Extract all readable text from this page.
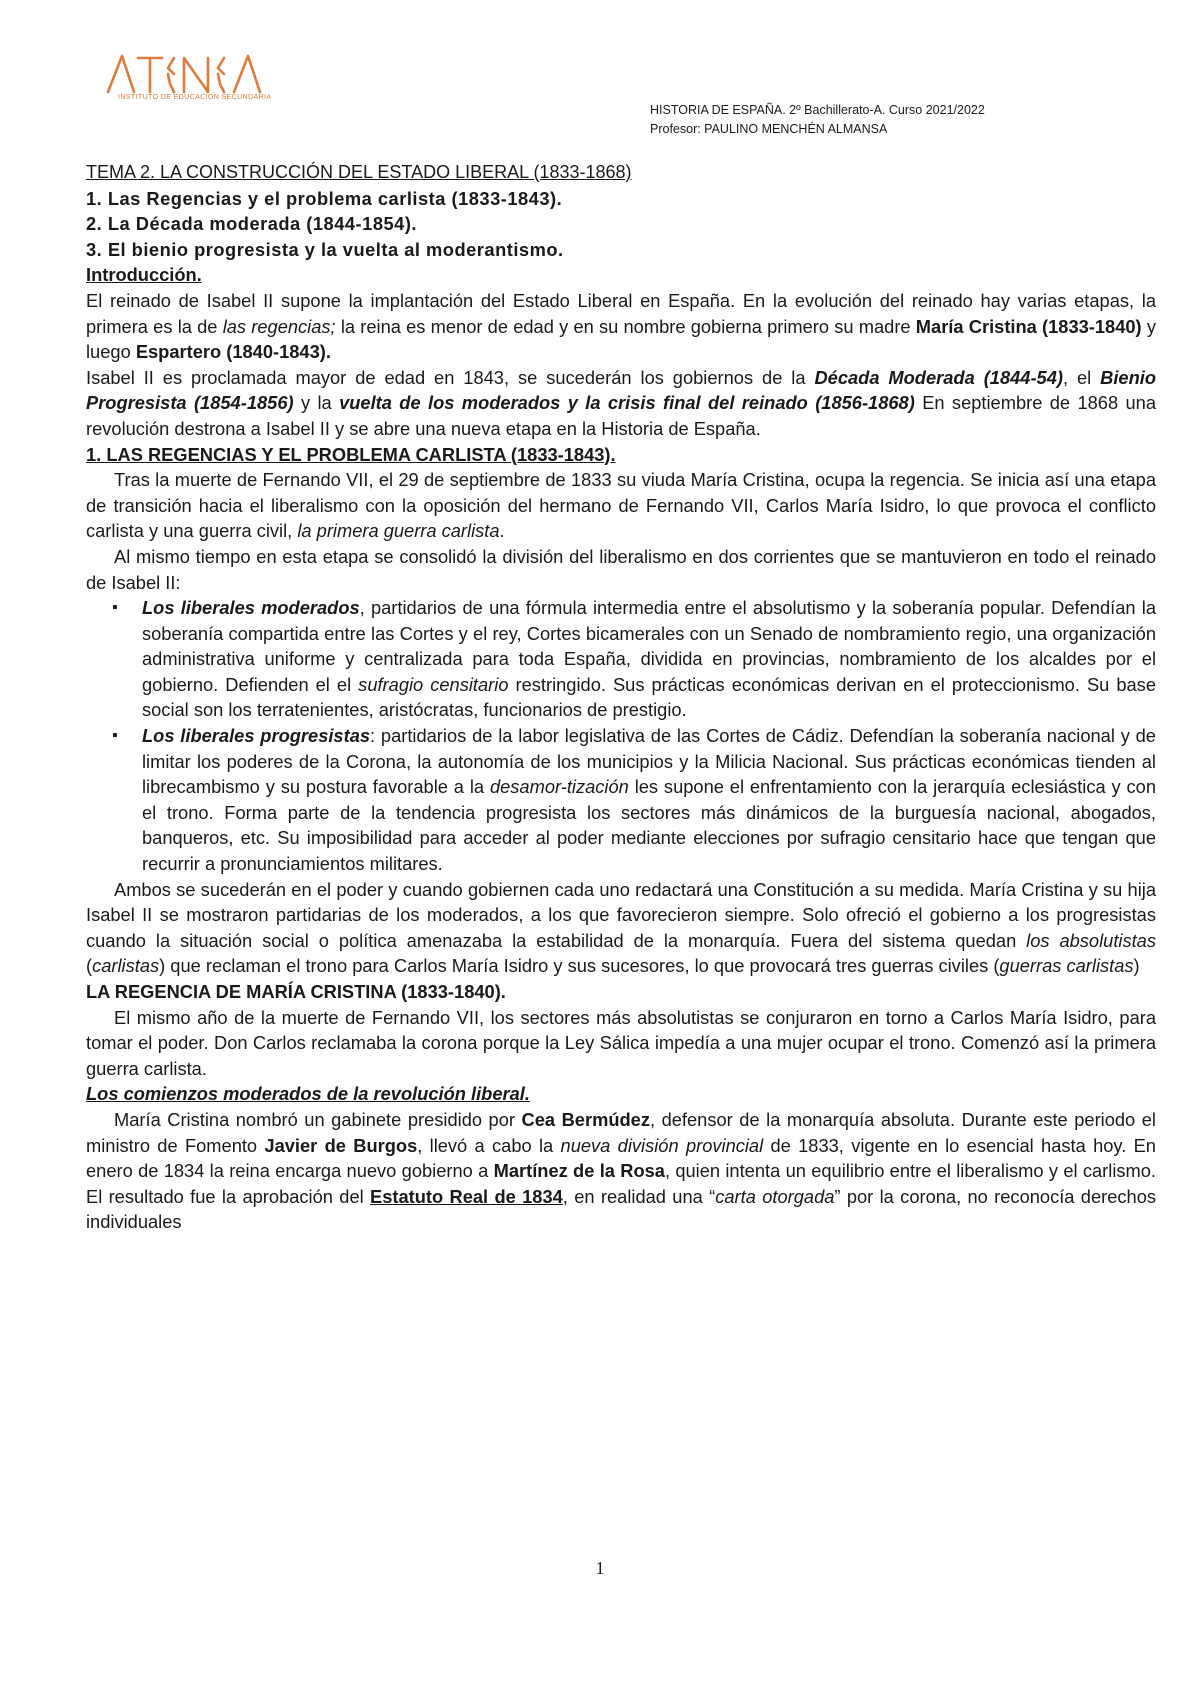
INSTITUTO DE EDUCACIÓN SECUNDARIA
HISTORIA DE ESPAÑA. 2º Bachillerato-A. Curso 2021/2022
Profesor: PAULINO MENCHÉN ALMANSA

TEMA 2. LA CONSTRUCCIÓN DEL ESTADO LIBERAL (1833-1868)

1. Las Regencias y el problema carlista (1833-1843).
2. La Década moderada (1844-1854).
3. El bienio progresista y la vuelta al moderantismo.

Introducción.

El reinado de Isabel II supone la implantación del Estado Liberal en España. En la evolución del reinado hay varias etapas, la primera es la de las regencias; la reina es menor de edad y en su nombre gobierna primero su madre María Cristina (1833-1840) y luego Espartero (1840-1843).

Isabel II es proclamada mayor de edad en 1843, se sucederán los gobiernos de la Década Moderada (1844-54), el Bienio Progresista (1854-1856) y la vuelta de los moderados y la crisis final del reinado (1856-1868) En septiembre de 1868 una revolución destrona a Isabel II y se abre una nueva etapa en la Historia de España.

1. LAS REGENCIAS Y EL PROBLEMA CARLISTA (1833-1843).

Tras la muerte de Fernando VII, el 29 de septiembre de 1833 su viuda María Cristina, ocupa la regencia. Se inicia así una etapa de transición hacia el liberalismo con la oposición del hermano de Fernando VII, Carlos María Isidro, lo que provoca el conflicto carlista y una guerra civil, la primera guerra carlista.

Al mismo tiempo en esta etapa se consolidó la división del liberalismo en dos corrientes que se mantuvieron en todo el reinado de Isabel II:

▪ Los liberales moderados, partidarios de una fórmula intermedia entre el absolutismo y la soberanía popular. Defendían la soberanía compartida entre las Cortes y el rey, Cortes bicamerales con un Senado de nombramiento regio, una organización administrativa uniforme y centralizada para toda España, dividida en provincias, nombramiento de los alcaldes por el gobierno. Defienden el el sufragio censitario restringido. Sus prácticas económicas derivan en el proteccionismo. Su base social son los terratenientes, aristócratas, funcionarios de prestigio.
▪ Los liberales progresistas: partidarios de la labor legislativa de las Cortes de Cádiz. Defendían la soberanía nacional y de limitar los poderes de la Corona, la autonomía de los municipios y la Milicia Nacional. Sus prácticas económicas tienden al librecambismo y su postura favorable a la desamor-tización les supone el enfrentamiento con la jerarquía eclesiástica y con el trono. Forma parte de la tendencia progresista los sectores más dinámicos de la burguesía nacional, abogados, banqueros, etc. Su imposibilidad para acceder al poder mediante elecciones por sufragio censitario hace que tengan que recurrir a pronunciamientos militares.

Ambos se sucederán en el poder y cuando gobiernen cada uno redactará una Constitución a su medida. María Cristina y su hija Isabel II se mostraron partidarias de los moderados, a los que favorecieron siempre. Solo ofreció el gobierno a los progresistas cuando la situación social o política amenazaba la estabilidad de la monarquía. Fuera del sistema quedan los absolutistas (carlistas) que reclaman el trono para Carlos María Isidro y sus sucesores, lo que provocará tres guerras civiles (guerras carlistas)

LA REGENCIA DE MARÍA CRISTINA (1833-1840).

El mismo año de la muerte de Fernando VII, los sectores más absolutistas se conjuraron en torno a Carlos María Isidro, para tomar el poder. Don Carlos reclamaba la corona porque la Ley Sálica impedía a una mujer ocupar el trono. Comenzó así la primera guerra carlista.

Los comienzos moderados de la revolución liberal.

María Cristina nombró un gabinete presidido por Cea Bermúdez, defensor de la monarquía absoluta. Durante este periodo el ministro de Fomento Javier de Burgos, llevó a cabo la nueva división provincial de 1833, vigente en lo esencial hasta hoy. En enero de 1834 la reina encarga nuevo gobierno a Martínez de la Rosa, quien intenta un equilibrio entre el liberalismo y el carlismo. El resultado fue la aprobación del Estatuto Real de 1834, en realidad una “carta otorgada” por la corona, no reconocía derechos individuales

1
